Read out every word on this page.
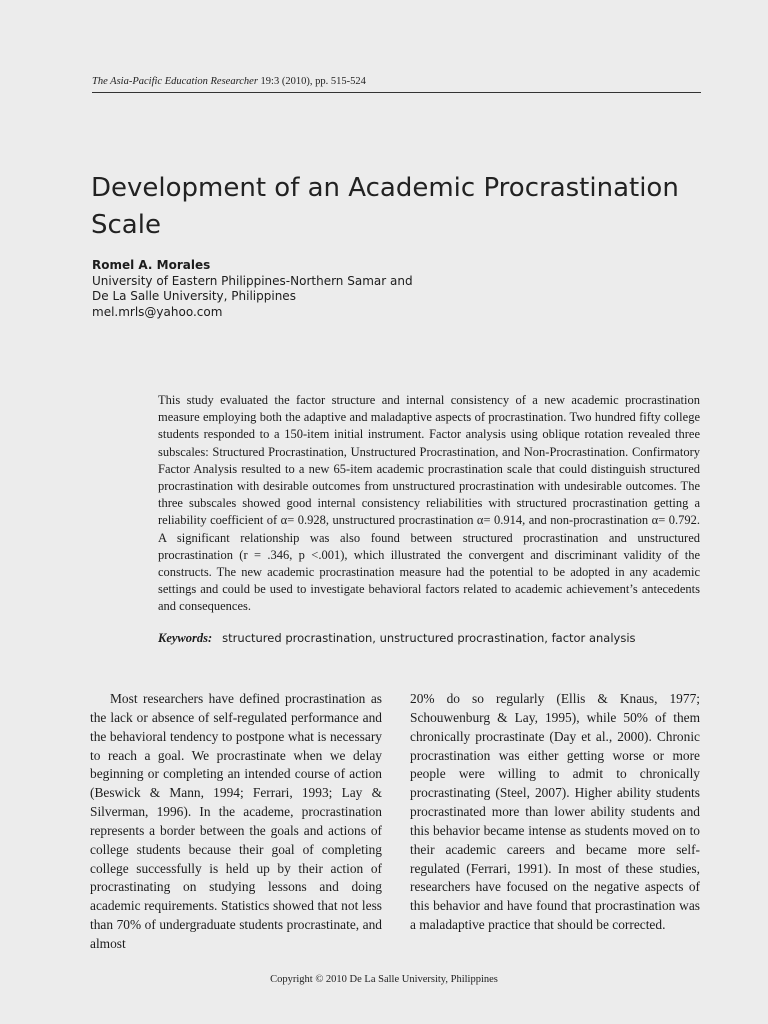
The Asia-Pacific Education Researcher 19:3 (2010), pp. 515-524
Development of an Academic Procrastination Scale
Romel A. Morales
University of Eastern Philippines-Northern Samar and
De La Salle University, Philippines
mel.mrls@yahoo.com

This study evaluated the factor structure and internal consistency of a new academic procrastination measure employing both the adaptive and maladaptive aspects of procrastination. Two hundred fifty college students responded to a 150-item initial instrument. Factor analysis using oblique rotation revealed three subscales: Structured Procrastination, Unstructured Procrastination, and Non-Procrastination. Confirmatory Factor Analysis resulted to a new 65-item academic procrastination scale that could distinguish structured procrastination with desirable outcomes from unstructured procrastination with undesirable outcomes. The three subscales showed good internal consistency reliabilities with structured procrastination getting a reliability coefficient of α= 0.928, unstructured procrastination α= 0.914, and non-procrastination α= 0.792. A significant relationship was also found between structured procrastination and unstructured procrastination (r = .346, p <.001), which illustrated the convergent and discriminant validity of the constructs. The new academic procrastination measure had the potential to be adopted in any academic settings and could be used to investigate behavioral factors related to academic achievement’s antecedents and consequences.

Keywords: structured procrastination, unstructured procrastination, factor analysis

Most researchers have defined procrastination as the lack or absence of self-regulated performance and the behavioral tendency to postpone what is necessary to reach a goal. We procrastinate when we delay beginning or completing an intended course of action (Beswick & Mann, 1994; Ferrari, 1993; Lay & Silverman, 1996). In the academe, procrastination represents a border between the goals and actions of college students because their goal of completing college successfully is held up by their action of procrastinating on studying lessons and doing academic requirements. Statistics showed that not less than 70% of undergraduate students procrastinate, and almost

20% do so regularly (Ellis & Knaus, 1977; Schouwenburg & Lay, 1995), while 50% of them chronically procrastinate (Day et al., 2000). Chronic procrastination was either getting worse or more people were willing to admit to chronically procrastinating (Steel, 2007). Higher ability students procrastinated more than lower ability students and this behavior became intense as students moved on to their academic careers and became more self-regulated (Ferrari, 1991). In most of these studies, researchers have focused on the negative aspects of this behavior and have found that procrastination was a maladaptive practice that should be corrected.

Copyright © 2010 De La Salle University, Philippines
